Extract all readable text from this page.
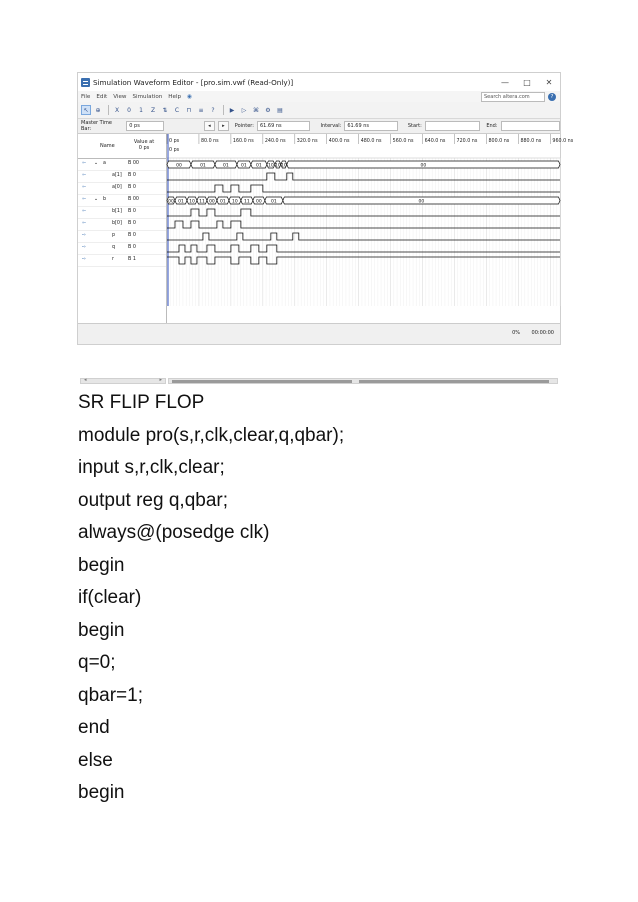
Simulation Waveform Editor - [pro.sim.vwf (Read-Only)]	—	□	✕
File Edit View Simulation Help ◉	Search altera.com	?
↖	⊕	X	0	1	Z	⇅	C	⊓	≡	?	▶	▷	⌘	⚙	▤
Master Time Bar:	0 ps	◂	▸	Pointer:	61.69 ns	Interval:	61.69 ns	Start:	End:
Name
Value at
0 ps
⇦	⌄ a	B 00
⇦	a[1] B 0
⇦	a[0] B 0
⇦	⌄ b	B 00
⇦	b[1] B 0
⇦	b[0] B 0
⇨	p	B 0
⇨	q	B 0
⇨	r	B 1
0 ps	80.0 ns	160.0 ns 240.0 ns 320.0 ns 400.0 ns 480.0 ns 560.0 ns 640.0 ns 720.0 ns 800.0 ns 880.0 ns 960.0 ns
0 ps
00	01	01	01 01 10 10 10	00
00 01 10 11 00 01 10 11 00 01	00
◂	▸
0% 00:00:00
SR FLIP FLOP
module pro(s,r,clk,clear,q,qbar);
input s,r,clk,clear;
output reg q,qbar;
always@(posedge clk)
begin
if(clear)
begin
q=0;
qbar=1;
end
else
begin
